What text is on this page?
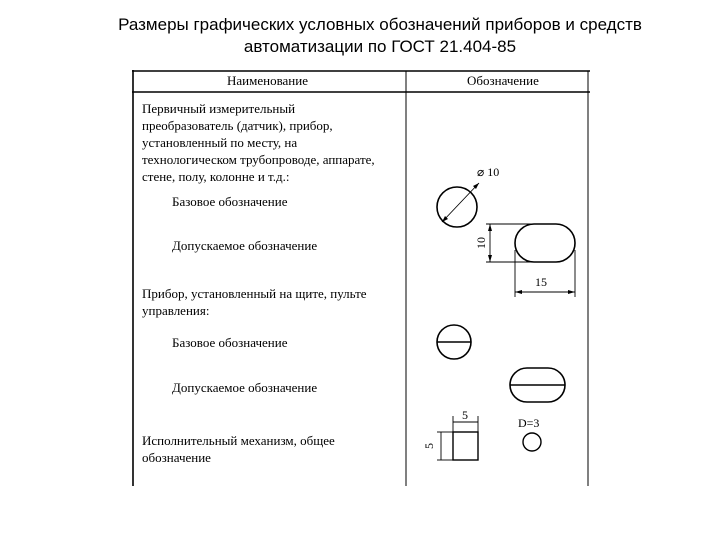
Размеры графических условных обозначений приборов и средств автоматизации по ГОСТ 21.404-85
Наименование	Обозначение
Первичный измерительный
преобразователь (датчик), прибор,
установленный по месту, на
технологическом трубопроводе, аппарате,
стене, полу, колонне и т.д.:
Базовое обозначение
Допускаемое обозначение
Прибор, установленный на щите, пульте
управления:
Базовое обозначение
Допускаемое обозначение
Исполнительный механизм, общее
обозначение
⌀ 10
10
15
5
5
D=3
